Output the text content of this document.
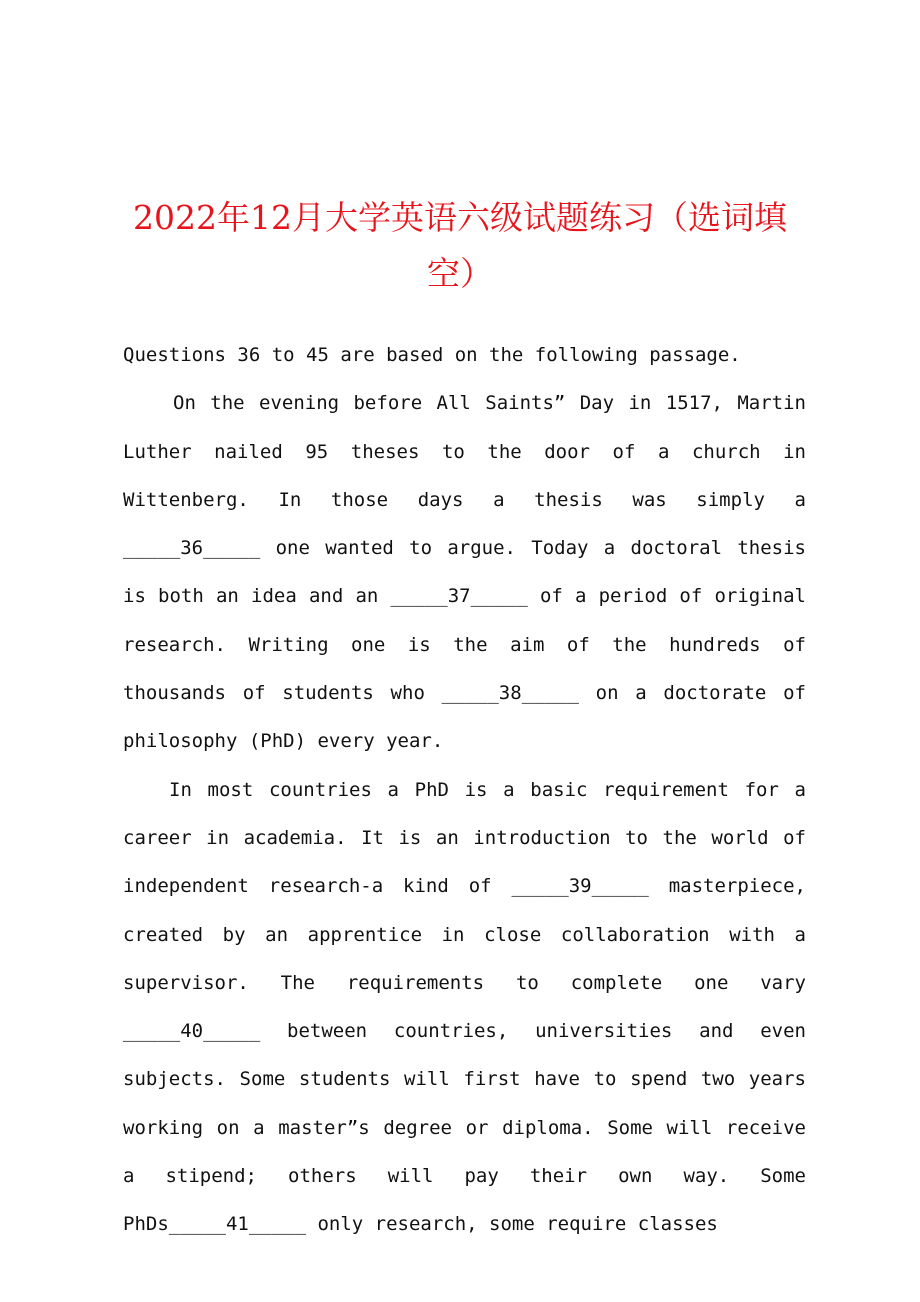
2022年12月大学英语六级试题练习（选词填空）

Questions 36 to 45 are based on the following passage.

On the evening before All Saints” Day in 1517, Martin Luther nailed 95 theses to the door of a church in Wittenberg. In those days a thesis was simply a _____36_____ one wanted to argue. Today a doctoral thesis is both an idea and an _____37_____ of a period of original research. Writing one is the aim of the hundreds of thousands of students who _____38_____ on a doctorate of philosophy (PhD) every year.

In most countries a PhD is a basic requirement for a career in academia. It is an introduction to the world of independent research-a kind of _____39_____ masterpiece, created by an apprentice in close collaboration with a supervisor. The requirements to complete one vary _____40_____ between countries, universities and even subjects. Some students will first have to spend two years working on a master”s degree or diploma. Some will receive a stipend; others will pay their own way. Some PhDs_____41_____ only research, some require classes
